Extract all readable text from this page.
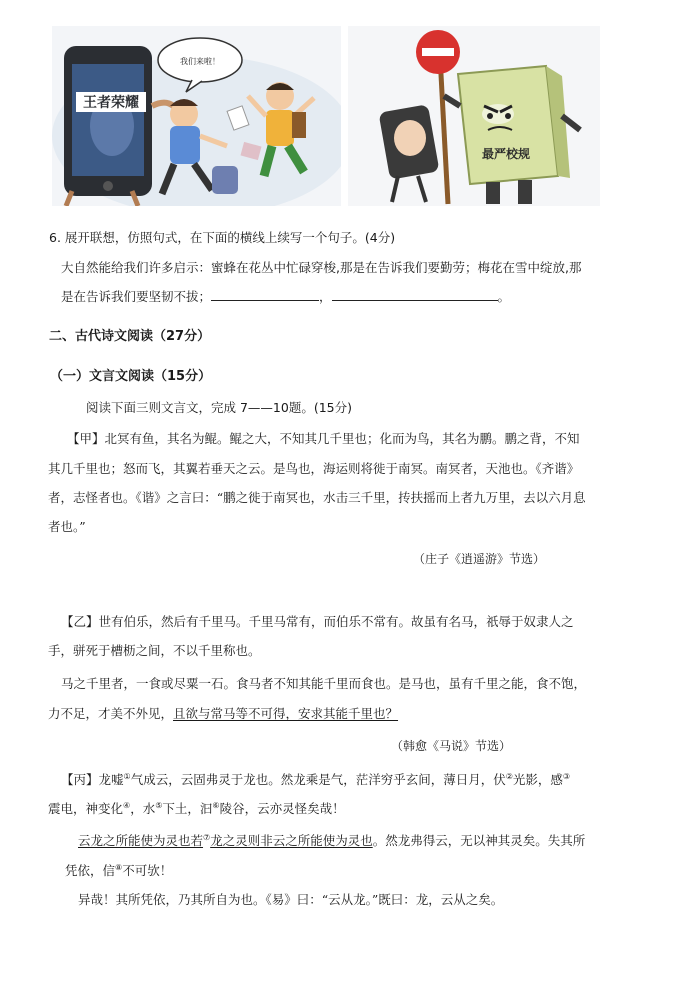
王者荣耀
我们来啦！
最严校规
6. 展开联想，仿照句式，在下面的横线上续写一个句子。(4分)
大自然能给我们许多启示：蜜蜂在花丛中忙碌穿梭,那是在告诉我们要勤劳；梅花在雪中绽放,那
是在告诉我们要坚韧不拔；	，	。
二、古代诗文阅读（27分）
（一）文言文阅读（15分）
阅读下面三则文言文，完成 7——10题。(15分)
【甲】北冥有鱼，其名为鲲。鲲之大，不知其几千里也；化而为鸟，其名为鹏。鹏之背，不知
其几千里也；怒而飞，其翼若垂天之云。是鸟也，海运则将徙于南冥。南冥者，天池也。《齐谐》
者，志怪者也。《谐》之言曰：“鹏之徙于南冥也，水击三千里，抟扶摇而上者九万里，去以六月息
者也。”
（庄子《逍遥游》节选）
【乙】世有伯乐，然后有千里马。千里马常有，而伯乐不常有。故虽有名马，祇辱于奴隶人之
手，骈死于槽枥之间，不以千里称也。
马之千里者，一食或尽粟一石。食马者不知其能千里而食也。是马也，虽有千里之能，食不饱，
力不足，才美不外见，且欲与常马等不可得，安求其能千里也？
（韩愈《马说》节选）
【丙】龙嘘①气成云，云固弗灵于龙也。然龙乘是气，茫洋穷乎玄间，薄日月，伏②光影，感③
震电，神变化④，水⑤下土，汩⑥陵谷，云亦灵怪矣哉！
云龙之所能使为灵也若⑦龙之灵则非云之所能使为灵也。然龙弗得云，无以神其灵矣。失其所
凭依，信⑧不可欤！
异哉！其所凭依，乃其所自为也。《易》曰：“云从龙。”既曰：龙，云从之矣。
